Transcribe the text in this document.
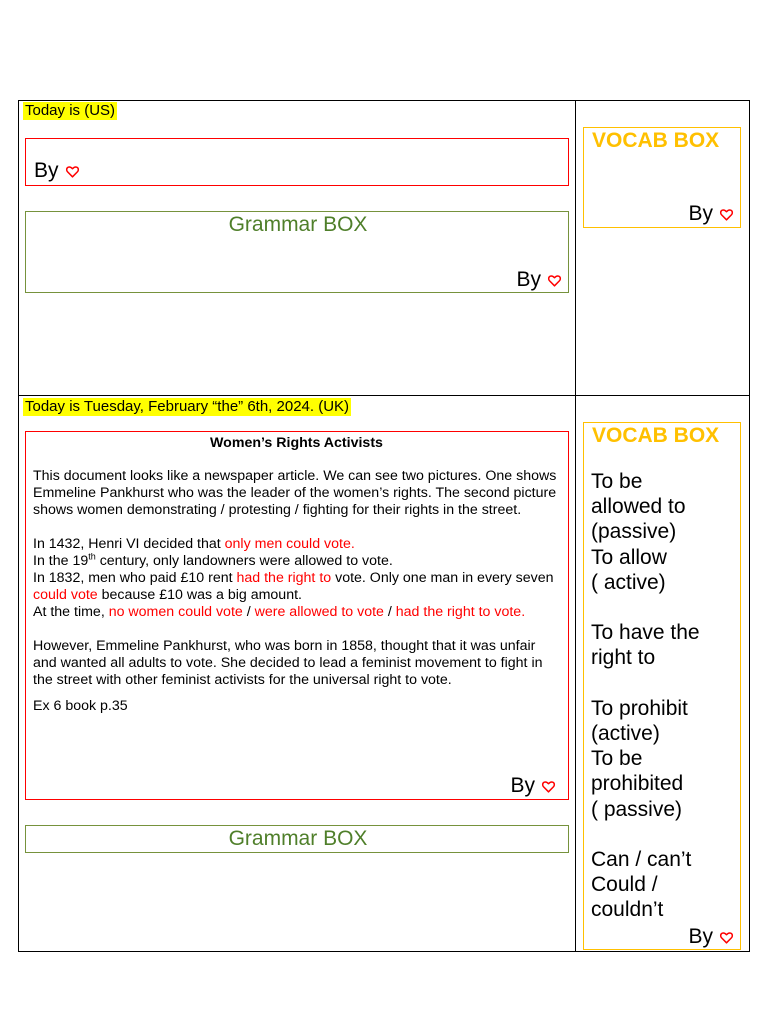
Today is (US)
By
Grammar BOX
By
VOCAB BOX
By
Today is Tuesday, February “the” 6th, 2024. (UK)
Women’s Rights Activists

This document looks like a newspaper article. We can see two pictures. One shows Emmeline Pankhurst who was the leader of the women’s rights. The second picture shows women demonstrating / protesting / fighting for their rights in the street.

In 1432, Henri VI decided that only men could vote.

In the 19th century, only landowners were allowed to vote.

In 1832, men who paid £10 rent had the right to vote. Only one man in every seven could vote because £10 was a big amount.

At the time, no women could vote / were allowed to vote / had the right to vote.

However, Emmeline Pankhurst, who was born in 1858, thought that it was unfair and wanted all adults to vote. She decided to lead a feminist movement to fight in the street with other feminist activists for the universal right to vote.

Ex 6 book p.35

By
Grammar BOX
VOCAB BOX
To be
allowed to
(passive)
To allow
( active)
To have the
right to
To prohibit
(active)
To be
prohibited
( passive)
Can / can’t
Could /
couldn’t
By
